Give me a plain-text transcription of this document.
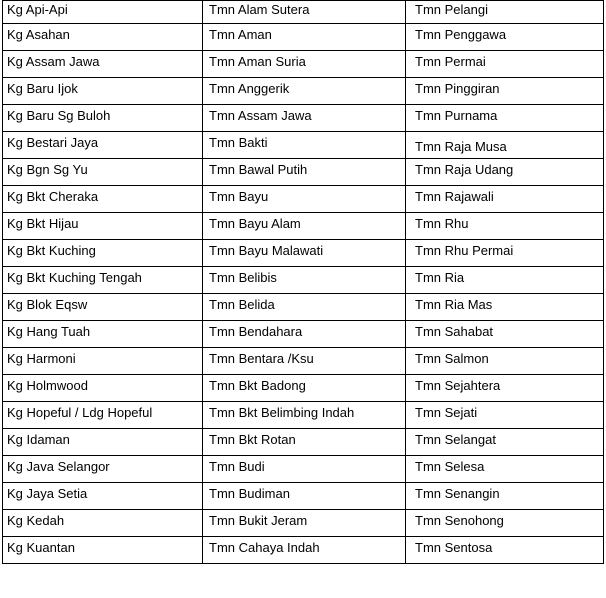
Kg Api-Api	Tmn Alam Sutera	Tmn Pelangi
Kg Asahan	Tmn Aman	Tmn Penggawa
Kg Assam Jawa	Tmn Aman Suria	Tmn Permai
Kg Baru Ijok	Tmn Anggerik	Tmn Pinggiran
Kg Baru Sg Buloh	Tmn Assam Jawa	Tmn Purnama
Kg Bestari Jaya	Tmn Bakti	Tmn Raja Musa
Kg Bgn Sg Yu	Tmn Bawal Putih	Tmn Raja Udang
Kg Bkt Cheraka	Tmn Bayu	Tmn Rajawali
Kg Bkt Hijau	Tmn Bayu Alam	Tmn Rhu
Kg Bkt Kuching	Tmn Bayu Malawati	Tmn Rhu Permai
Kg Bkt Kuching Tengah	Tmn Belibis	Tmn Ria
Kg Blok Eqsw	Tmn Belida	Tmn Ria Mas
Kg Hang Tuah	Tmn Bendahara	Tmn Sahabat
Kg Harmoni	Tmn Bentara /Ksu	Tmn Salmon
Kg Holmwood	Tmn Bkt Badong	Tmn Sejahtera
Kg Hopeful / Ldg Hopeful	Tmn Bkt Belimbing Indah	Tmn Sejati
Kg Idaman	Tmn Bkt Rotan	Tmn Selangat
Kg Java Selangor	Tmn Budi	Tmn Selesa
Kg Jaya Setia	Tmn Budiman	Tmn Senangin
Kg Kedah	Tmn Bukit Jeram	Tmn Senohong
Kg Kuantan	Tmn Cahaya Indah	Tmn Sentosa
